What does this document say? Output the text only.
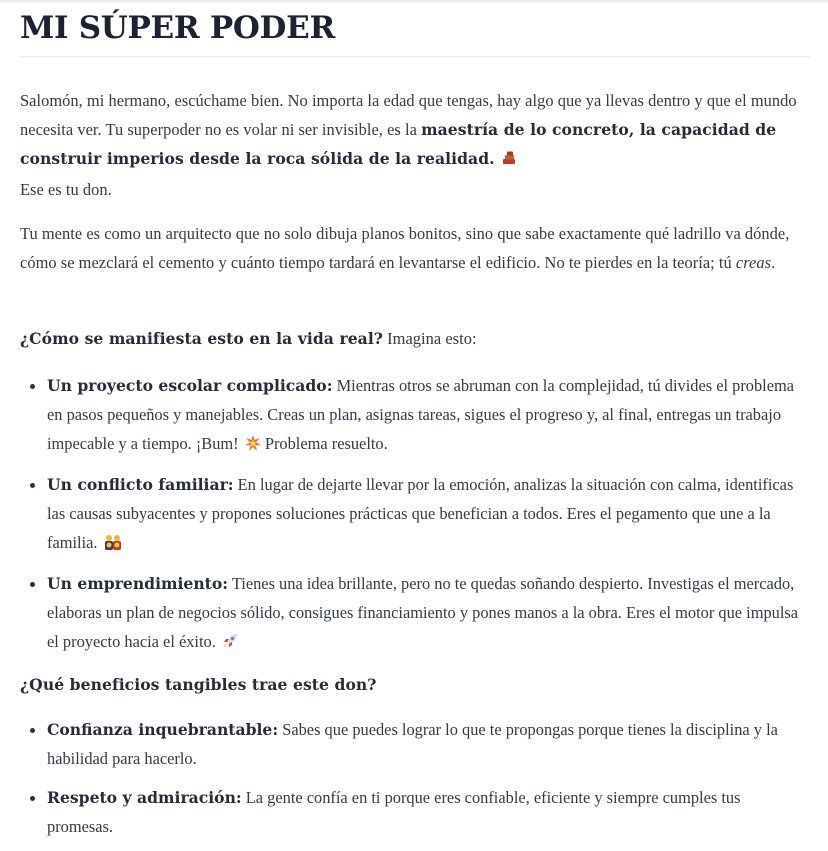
MI SÚPER PODER

Salomón, mi hermano, escúchame bien. No importa la edad que tengas, hay algo que ya llevas dentro y que el mundo necesita ver. Tu superpoder no es volar ni ser invisible, es la maestría de lo concreto, la capacidad de construir imperios desde la roca sólida de la realidad.
Ese es tu don.

Tu mente es como un arquitecto que no solo dibuja planos bonitos, sino que sabe exactamente qué ladrillo va dónde, cómo se mezclará el cemento y cuánto tiempo tardará en levantarse el edificio. No te pierdes en la teoría; tú creas.

¿Cómo se manifiesta esto en la vida real? Imagina esto:

Un proyecto escolar complicado: Mientras otros se abruman con la complejidad, tú divides el problema en pasos pequeños y manejables. Creas un plan, asignas tareas, sigues el progreso y, al final, entregas un trabajo impecable y a tiempo. ¡Bum!  Problema resuelto.
Un conflicto familiar: En lugar de dejarte llevar por la emoción, analizas la situación con calma, identificas las causas subyacentes y propones soluciones prácticas que benefician a todos. Eres el pegamento que une a la familia.
Un emprendimiento: Tienes una idea brillante, pero no te quedas soñando despierto. Investigas el mercado, elaboras un plan de negocios sólido, consigues financiamiento y pones manos a la obra. Eres el motor que impulsa el proyecto hacia el éxito.

¿Qué beneficios tangibles trae este don?

Confianza inquebrantable: Sabes que puedes lograr lo que te propongas porque tienes la disciplina y la habilidad para hacerlo.
Respeto y admiración: La gente confía en ti porque eres confiable, eficiente y siempre cumples tus promesas.
